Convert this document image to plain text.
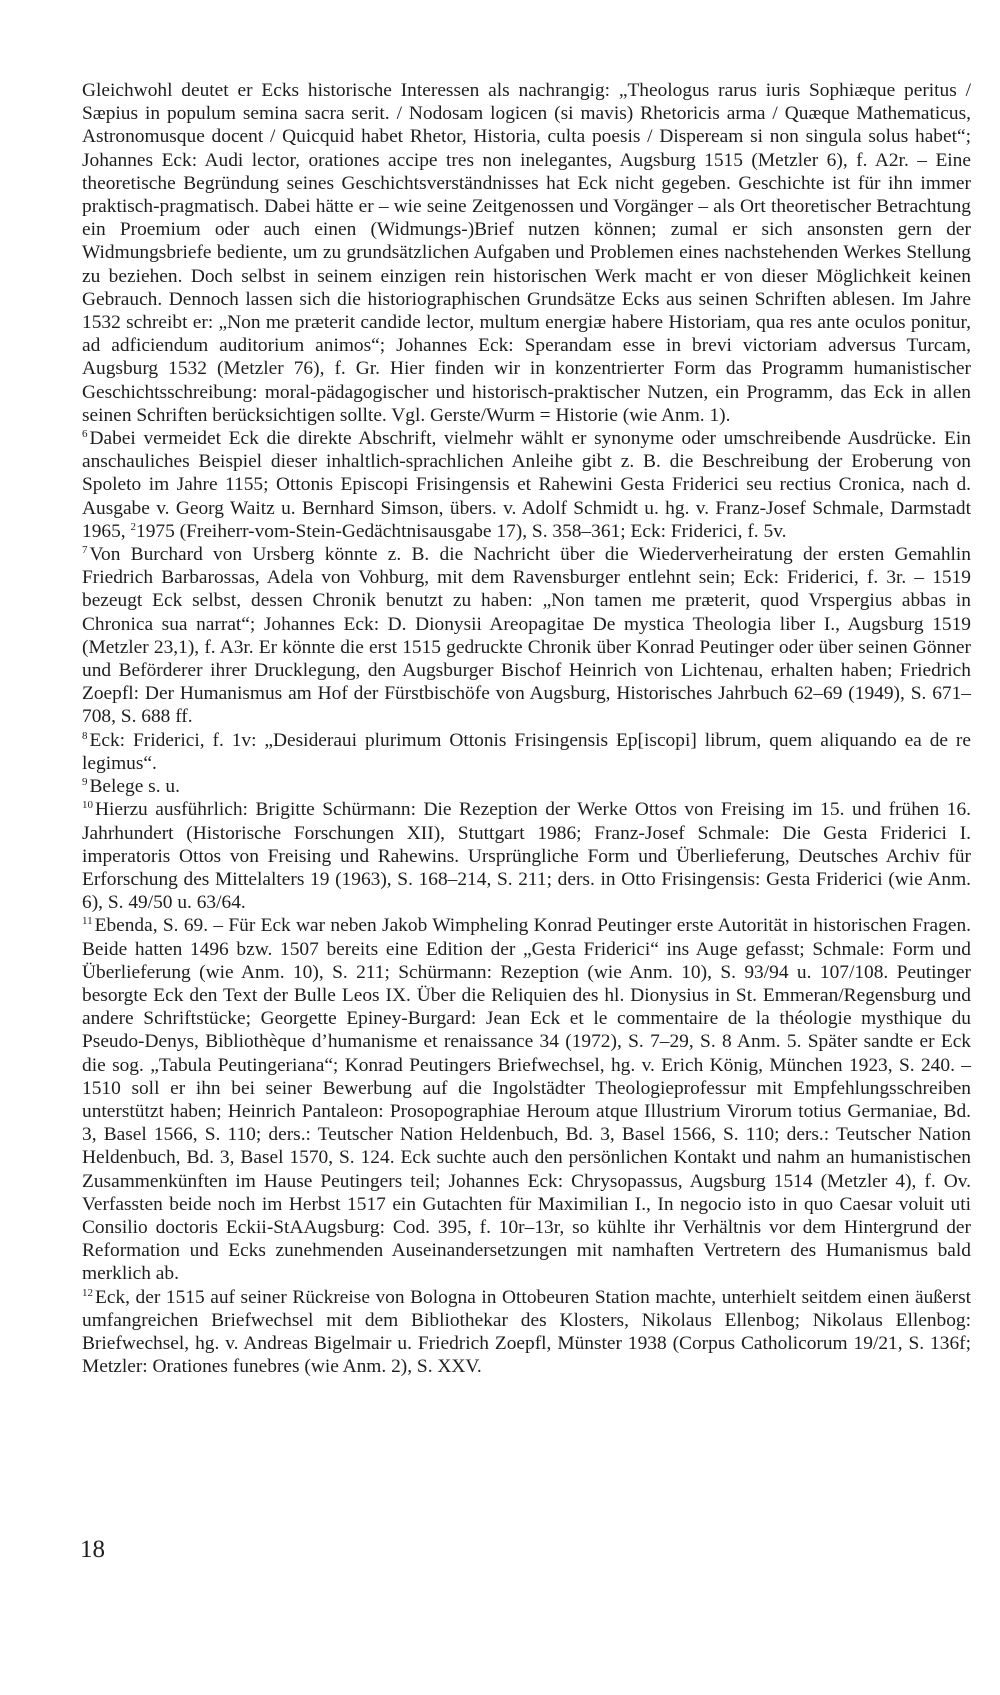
Gleichwohl deutet er Ecks historische Interessen als nachrangig: „Theologus rarus iuris Sophiæque peritus / Sæpius in populum semina sacra serit. / Nodosam logicen (si mavis) Rhetoricis arma / Quæque Mathematicus, Astronomusque docent / Quicquid habet Rhetor, Historia, culta poesis / Dispeream si non singula solus habet“; Johannes Eck: Audi lector, orationes accipe tres non inelegantes, Augsburg 1515 (Metzler 6), f. A2r. – Eine theoretische Begründung seines Geschichtsverständnisses hat Eck nicht gegeben. Geschichte ist für ihn immer praktisch-pragmatisch. Dabei hätte er – wie seine Zeitgenossen und Vorgänger – als Ort theoretischer Betrachtung ein Proemium oder auch einen (Widmungs-)Brief nutzen können; zumal er sich ansonsten gern der Widmungsbriefe bediente, um zu grundsätzlichen Aufgaben und Problemen eines nachstehenden Werkes Stellung zu beziehen. Doch selbst in seinem einzigen rein historischen Werk macht er von dieser Möglichkeit keinen Gebrauch. Dennoch lassen sich die historiographischen Grundsätze Ecks aus seinen Schriften ablesen. Im Jahre 1532 schreibt er: „Non me præterit candide lector, multum energiæ habere Historiam, qua res ante oculos ponitur, ad adficiendum auditorium animos“; Johannes Eck: Sperandam esse in brevi victoriam adversus Turcam, Augsburg 1532 (Metzler 76), f. Gr. Hier finden wir in konzentrierter Form das Programm humanistischer Geschichtsschreibung: moral-pädagogischer und historisch-praktischer Nutzen, ein Programm, das Eck in allen seinen Schriften berücksichtigen sollte. Vgl. Gerste/Wurm = Historie (wie Anm. 1).

$^6$ Dabei vermeidet Eck die direkte Abschrift, vielmehr wählt er synonyme oder umschreibende Ausdrücke. Ein anschauliches Beispiel dieser inhaltlich-sprachlichen Anleihe gibt z. B. die Beschreibung der Eroberung von Spoleto im Jahre 1155; Ottonis Episcopi Frisingensis et Rahewini Gesta Friderici seu rectius Cronica, nach d. Ausgabe v. Georg Waitz u. Bernhard Simson, übers. v. Adolf Schmidt u. hg. v. Franz-Josef Schmale, Darmstadt 1965, $^2$1975 (Freiherr-vom-Stein-Gedächtnisausgabe 17), S. 358–361; Eck: Friderici, f. 5v.

$^7$ Von Burchard von Ursberg könnte z. B. die Nachricht über die Wiederverheiratung der ersten Gemahlin Friedrich Barbarossas, Adela von Vohburg, mit dem Ravensburger entlehnt sein; Eck: Friderici, f. 3r. – 1519 bezeugt Eck selbst, dessen Chronik benutzt zu haben: „Non tamen me præterit, quod Vrspergius abbas in Chronica sua narrat“; Johannes Eck: D. Dionysii Areopagitae De mystica Theologia liber I., Augsburg 1519 (Metzler 23,1), f. A3r. Er könnte die erst 1515 gedruckte Chronik über Konrad Peutinger oder über seinen Gönner und Beförderer ihrer Drucklegung, den Augsburger Bischof Heinrich von Lichtenau, erhalten haben; Friedrich Zoepfl: Der Humanismus am Hof der Fürstbischöfe von Augsburg, Historisches Jahrbuch 62–69 (1949), S. 671–708, S. 688 ff.

$^8$ Eck: Friderici, f. 1v: „Desideraui plurimum Ottonis Frisingensis Ep[iscopi] librum, quem aliquando ea de re legimus“.

$^9$ Belege s. u.

$^{10}$ Hierzu ausführlich: Brigitte Schürmann: Die Rezeption der Werke Ottos von Freising im 15. und frühen 16. Jahrhundert (Historische Forschungen XII), Stuttgart 1986; Franz-Josef Schmale: Die Gesta Friderici I. imperatoris Ottos von Freising und Rahewins. Ursprüngliche Form und Überlieferung, Deutsches Archiv für Erforschung des Mittelalters 19 (1963), S. 168–214, S. 211; ders. in Otto Frisingensis: Gesta Friderici (wie Anm. 6), S. 49/50 u. 63/64.

$^{11}$ Ebenda, S. 69. – Für Eck war neben Jakob Wimpheling Konrad Peutinger erste Autorität in historischen Fragen. Beide hatten 1496 bzw. 1507 bereits eine Edition der „Gesta Friderici“ ins Auge gefasst; Schmale: Form und Überlieferung (wie Anm. 10), S. 211; Schürmann: Rezeption (wie Anm. 10), S. 93/94 u. 107/108. Peutinger besorgte Eck den Text der Bulle Leos IX. Über die Reliquien des hl. Dionysius in St. Emmeran/Regensburg und andere Schriftstücke; Georgette Epiney-Burgard: Jean Eck et le commentaire de la théologie mysthique du Pseudo-Denys, Bibliothèque d’humanisme et renaissance 34 (1972), S. 7–29, S. 8 Anm. 5. Später sandte er Eck die sog. „Tabula Peutingeriana“; Konrad Peutingers Briefwechsel, hg. v. Erich König, München 1923, S. 240. – 1510 soll er ihn bei seiner Bewerbung auf die Ingolstädter Theologieprofessur mit Empfehlungsschreiben unterstützt haben; Heinrich Pantaleon: Prosopographiae Heroum atque Illustrium Virorum totius Germaniae, Bd. 3, Basel 1566, S. 110; ders.: Teutscher Nation Heldenbuch, Bd. 3, Basel 1566, S. 110; ders.: Teutscher Nation Heldenbuch, Bd. 3, Basel 1570, S. 124. Eck suchte auch den persönlichen Kontakt und nahm an humanistischen Zusammenkünften im Hause Peutingers teil; Johannes Eck: Chrysopassus, Augsburg 1514 (Metzler 4), f. Ov. Verfassten beide noch im Herbst 1517 ein Gutachten für Maximilian I., In negocio isto in quo Caesar voluit uti Consilio doctoris Eckii-StAAugsburg: Cod. 395, f. 10r–13r, so kühlte ihr Verhältnis vor dem Hintergrund der Reformation und Ecks zunehmenden Auseinandersetzungen mit namhaften Vertretern des Humanismus bald merklich ab.

$^{12}$ Eck, der 1515 auf seiner Rückreise von Bologna in Ottobeuren Station machte, unterhielt seitdem einen äußerst umfangreichen Briefwechsel mit dem Bibliothekar des Klosters, Nikolaus Ellenbog; Nikolaus Ellenbog: Briefwechsel, hg. v. Andreas Bigelmair u. Friedrich Zoepfl, Münster 1938 (Corpus Catholicorum 19/21, S. 136f; Metzler: Orationes funebres (wie Anm. 2), S. XXV.

18
